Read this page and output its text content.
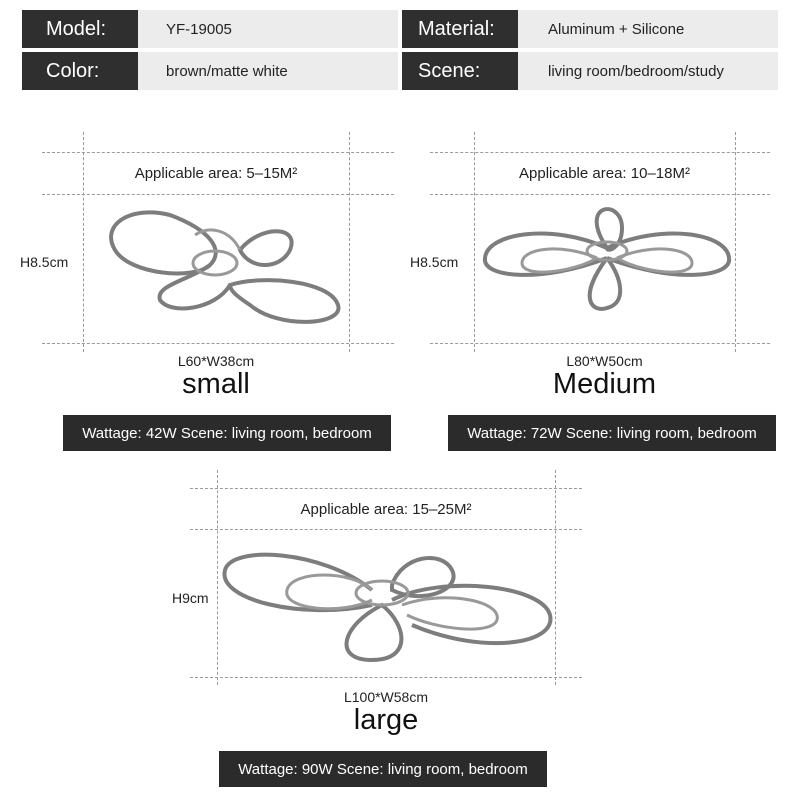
Model:	YF-19005	Material:	Aluminum + Silicone
Color:	brown/matte white	Scene:	living room/bedroom/study
Applicable area: 5–15M²
H8.5cm
L60*W38cm
small
Wattage: 42W Scene: living room, bedroom
Applicable area: 10–18M²
H8.5cm
L80*W50cm
Medium
Wattage: 72W Scene: living room, bedroom
Applicable area: 15–25M²
H9cm
L100*W58cm
large
Wattage: 90W Scene: living room, bedroom
